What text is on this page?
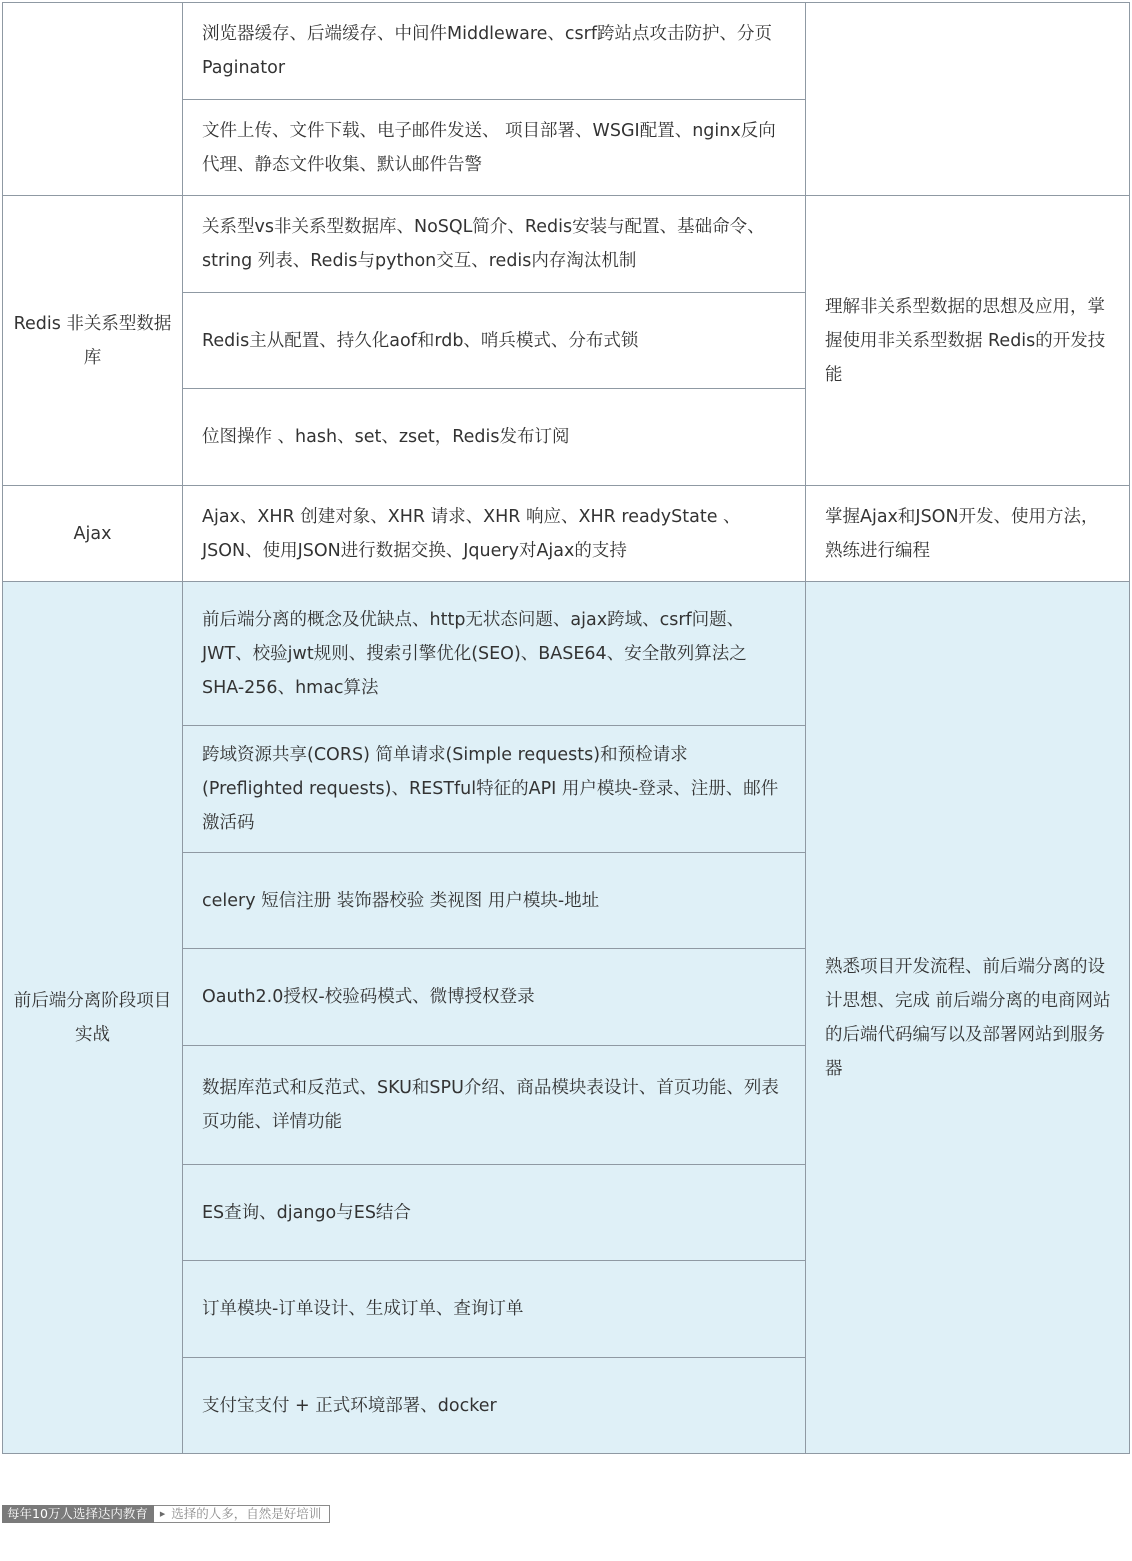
	浏览器缓存、后端缓存、中间件Middleware、csrf跨站点攻击防护、分页Paginator	
	文件上传、文件下载、电子邮件发送、 项目部署、WSGI配置、nginx反向代理、静态文件收集、默认邮件告警	
Redis 非关系型数据库	关系型vs非关系型数据库、NoSQL简介、Redis安装与配置、基础命令、string 列表、Redis与python交互、redis内存淘汰机制	理解非关系型数据的思想及应用，掌握使用非关系型数据 Redis的开发技能
	Redis主从配置、持久化aof和rdb、哨兵模式、分布式锁	
	位图操作 、hash、set、zset，Redis发布订阅	
Ajax	Ajax、XHR 创建对象、XHR 请求、XHR 响应、XHR readyState 、JSON、使用JSON进行数据交换、Jquery对Ajax的支持	掌握Ajax和JSON开发、使用方法，熟练进行编程
前后端分离阶段项目实战	前后端分离的概念及优缺点、http无状态问题、ajax跨域、csrf问题、JWT、校验jwt规则、搜索引擎优化(SEO)、BASE64、安全散列算法之SHA-256、hmac算法	熟悉项目开发流程、前后端分离的设计思想、完成 前后端分离的电商网站的后端代码编写以及部署网站到服务器
	跨域资源共享(CORS) 简单请求(Simple requests)和预检请求(Preflighted requests)、RESTful特征的API 用户模块-登录、注册、邮件激活码	
	celery 短信注册 装饰器校验 类视图 用户模块-地址	
	Oauth2.0授权-校验码模式、微博授权登录	
	数据库范式和反范式、SKU和SPU介绍、商品模块表设计、首页功能、列表页功能、详情功能	
	ES查询、django与ES结合	
	订单模块-订单设计、生成订单、查询订单	
	支付宝支付 + 正式环境部署、docker	
每年10万人选择达内教育	▶ 选择的人多，自然是好培训
